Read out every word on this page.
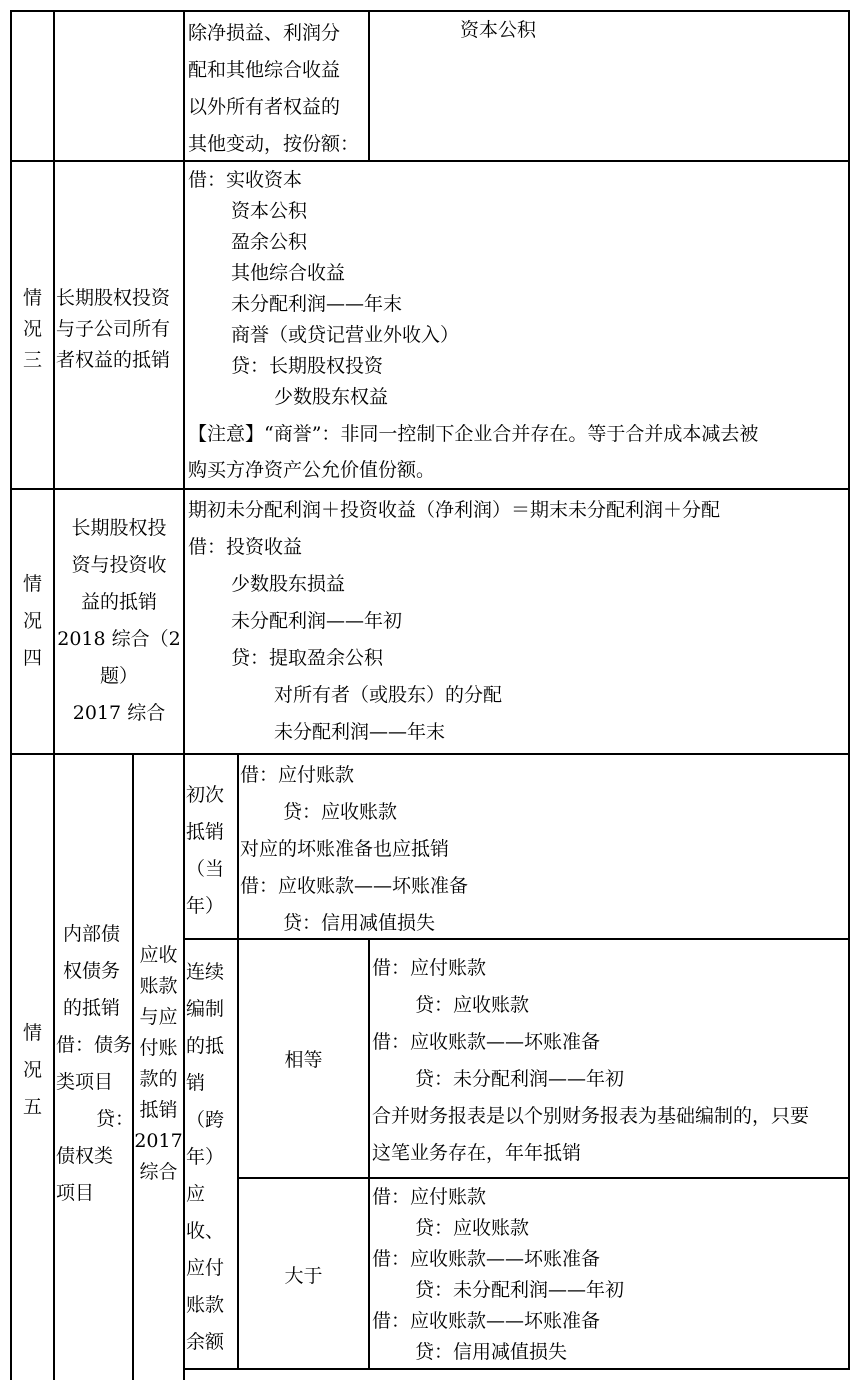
除净损益、利润分
配和其他综合收益
以外所有者权益的
其他变动，按份额：
资本公积
情
况
三
长期股权投资
与子公司所有
者权益的抵销
借：实收资本
资本公积
盈余公积
其他综合收益
未分配利润——年末
商誉（或贷记营业外收入）
贷：长期股权投资
少数股东权益
【注意】“商誉”：非同一控制下企业合并存在。等于合并成本减去被
购买方净资产公允价值份额。
情
况
四
长期股权投
资与投资收
益的抵销
2018 综合（2
题）
2017 综合
期初未分配利润＋投资收益（净利润）＝期末未分配利润＋分配
借：投资收益
少数股东损益
未分配利润——年初
贷：提取盈余公积
对所有者（或股东）的分配
未分配利润——年末
情
况
五
内部债
权债务
的抵销
借：债务
类项目
贷：
债权类
项目
应收
账款
与应
付账
款的
抵销
2017
综合
初次
抵销
（当
年）
借：应付账款
贷：应收账款
对应的坏账准备也应抵销
借：应收账款——坏账准备
贷：信用减值损失
连续
编制
的抵
销
（跨
年）
应
收、
应付
账款
余额
相等
借：应付账款
贷：应收账款
借：应收账款——坏账准备
贷：未分配利润——年初
合并财务报表是以个别财务报表为基础编制的，只要
这笔业务存在，年年抵销
大于
借：应付账款
贷：应收账款
借：应收账款——坏账准备
贷：未分配利润——年初
借：应收账款——坏账准备
贷：信用减值损失
